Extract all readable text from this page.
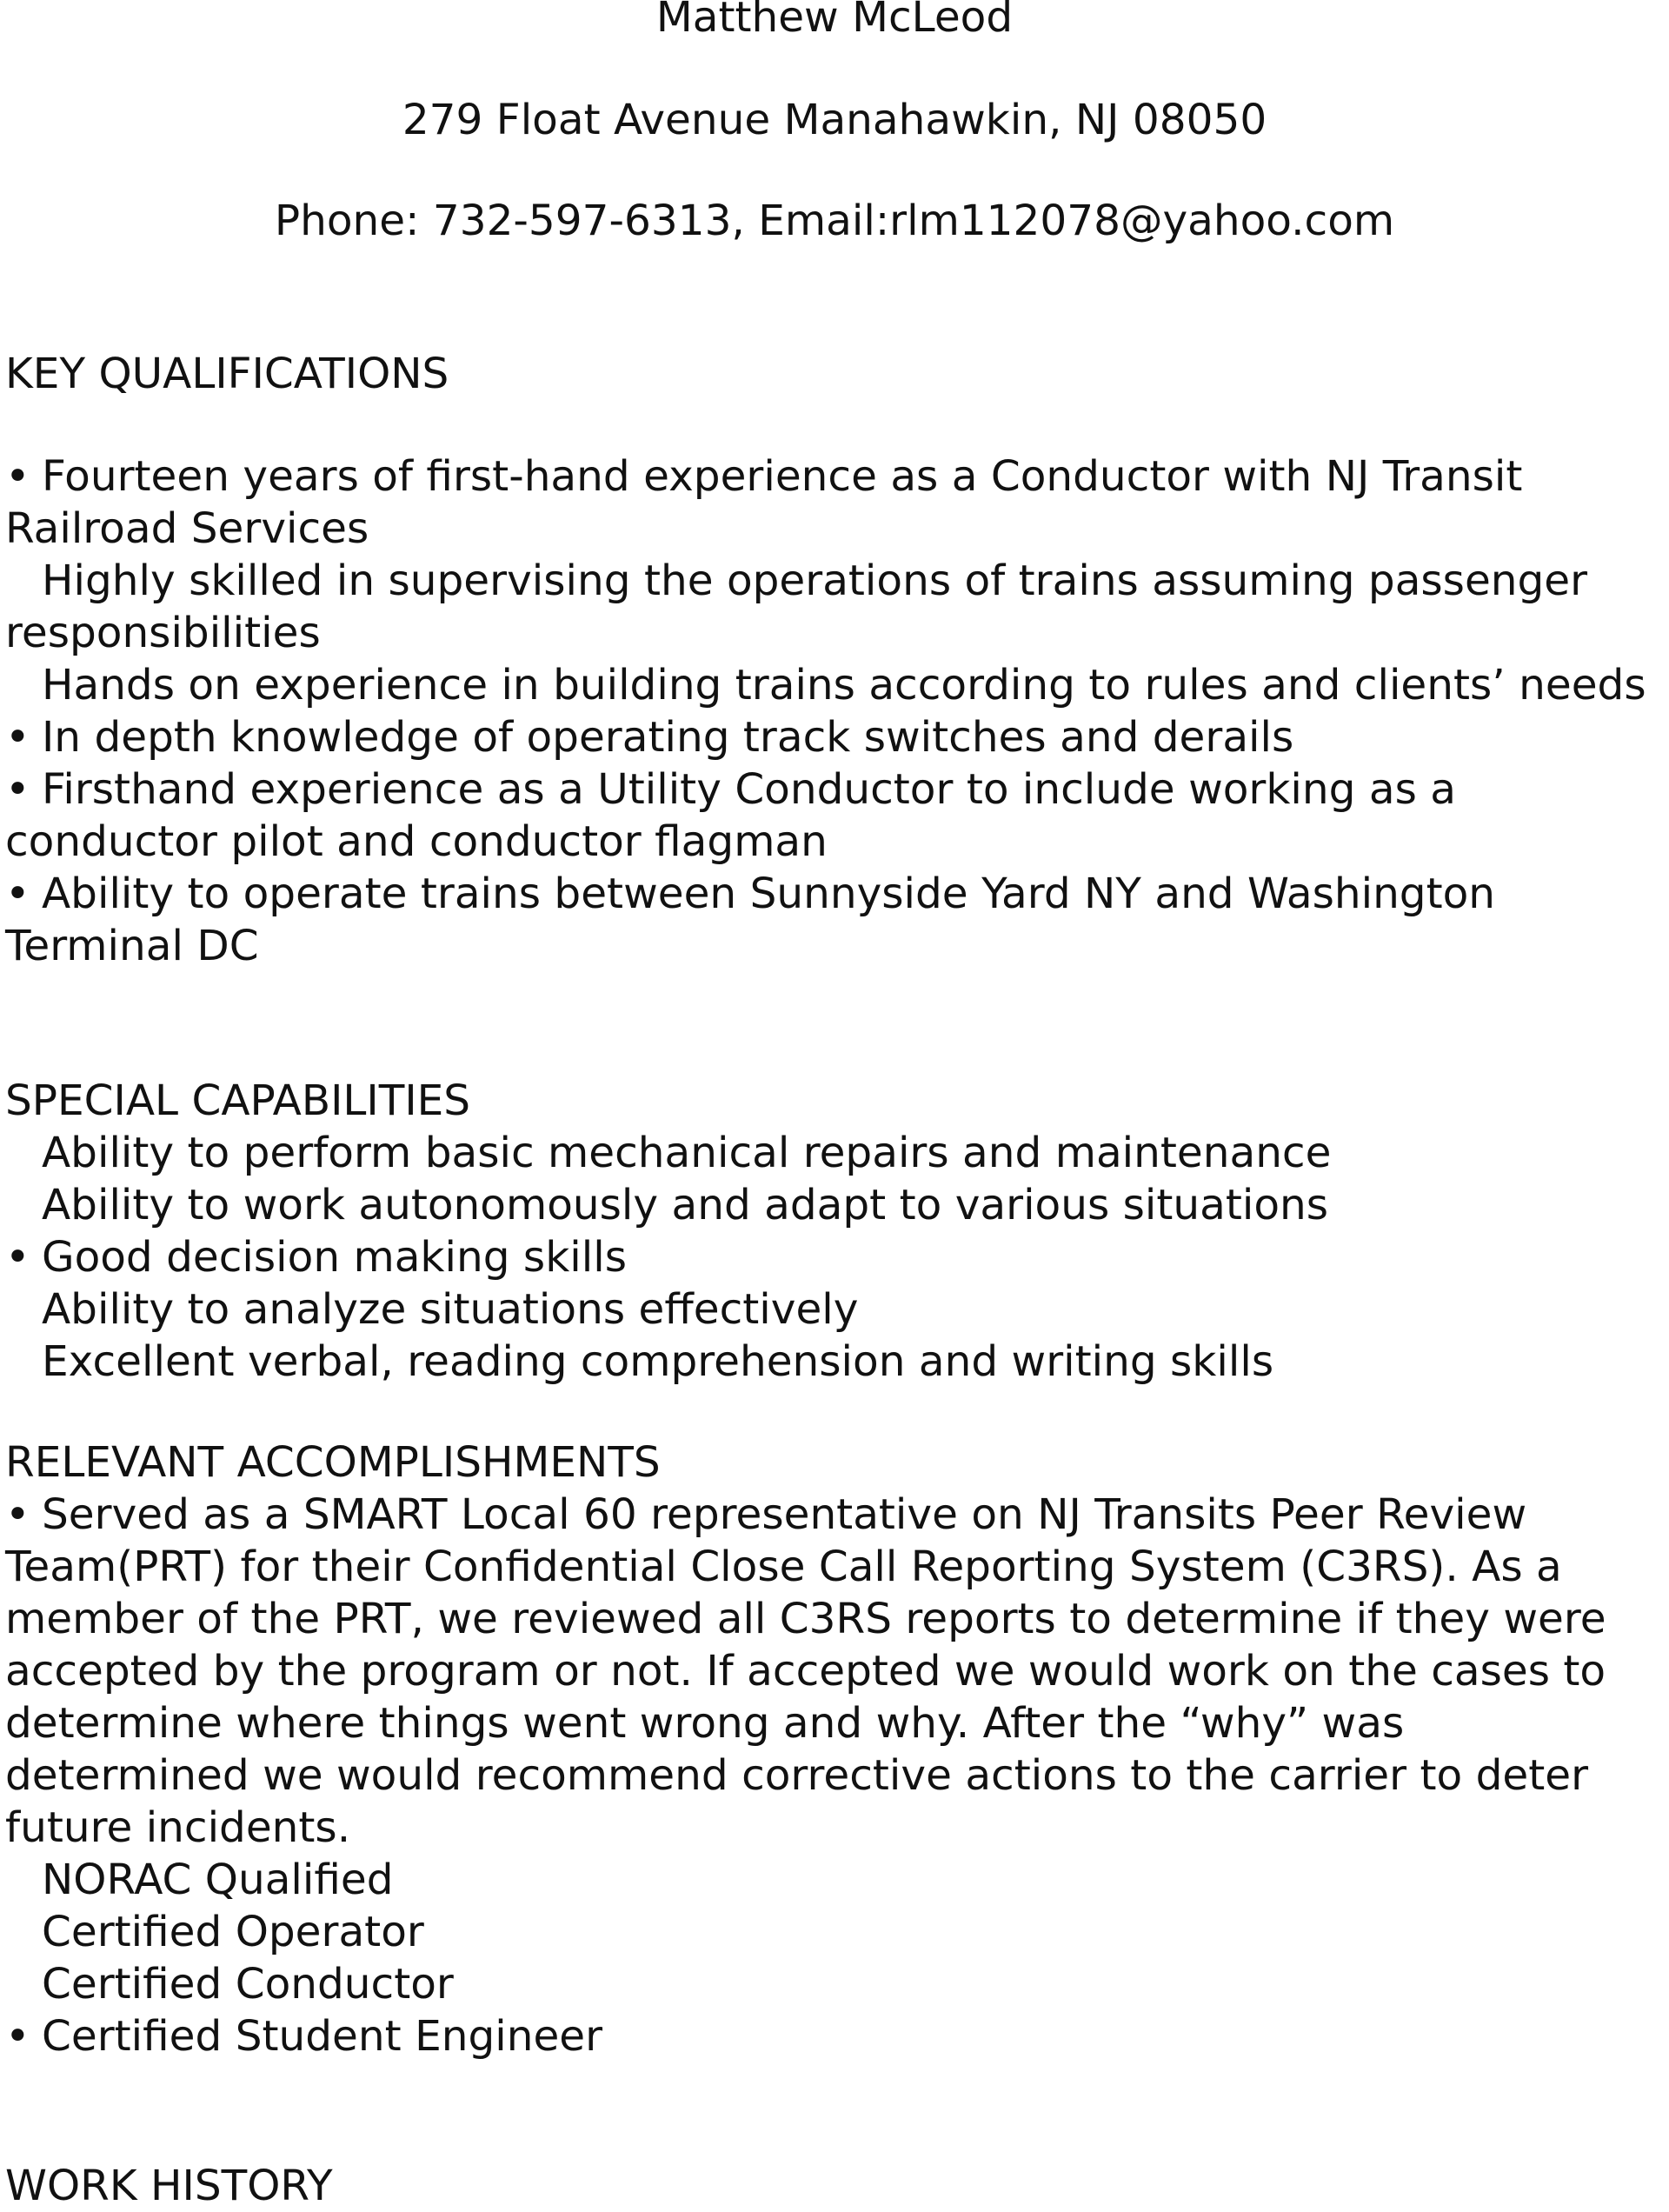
Matthew McLeod

279 Float Avenue Manahawkin, NJ 08050

Phone: 732-597-6313, Email:rlm112078@yahoo.com

KEY QUALIFICATIONS
• Fourteen years of first-hand experience as a Conductor with NJ Transit Railroad Services
Highly skilled in supervising the operations of trains assuming passenger responsibilities
Hands on experience in building trains according to rules and clients’ needs
• In depth knowledge of operating track switches and derails
• Firsthand experience as a Utility Conductor to include working as a conductor pilot and conductor flagman
• Ability to operate trains between Sunnyside Yard NY and Washington Terminal DC
SPECIAL CAPABILITIES
Ability to perform basic mechanical repairs and maintenance
Ability to work autonomously and adapt to various situations
• Good decision making skills
Ability to analyze situations effectively
Excellent verbal, reading comprehension and writing skills
RELEVANT ACCOMPLISHMENTS
• Served as a SMART Local 60 representative on NJ Transits Peer Review Team(PRT) for their Confidential Close Call Reporting System (C3RS). As a member of the PRT, we reviewed all C3RS reports to determine if they were accepted by the program or not. If accepted we would work on the cases to determine where things went wrong and why. After the “why” was determined we would recommend corrective actions to the carrier to deter future incidents.
NORAC Qualified
Certified Operator
Certified Conductor
• Certified Student Engineer
WORK HISTORY
